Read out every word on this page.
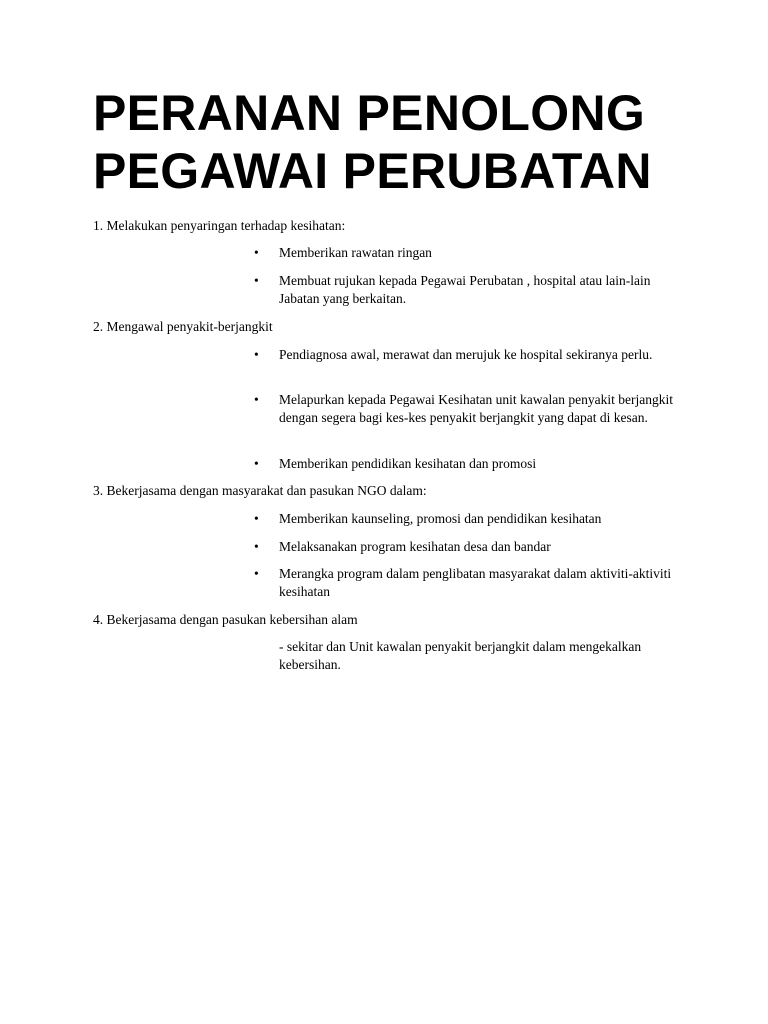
PERANAN PENOLONG
PEGAWAI PERUBATAN

1. Melakukan penyaringan terhadap kesihatan:

•	Memberikan rawatan ringan
•	Membuat rujukan kepada Pegawai Perubatan , hospital atau lain-lain Jabatan yang berkaitan.

2. Mengawal penyakit-berjangkit

•	Pendiagnosa awal, merawat dan merujuk ke hospital sekiranya perlu.
•	Melapurkan kepada Pegawai Kesihatan unit kawalan penyakit berjangkit dengan segera bagi kes-kes penyakit berjangkit yang dapat di kesan.
•	Memberikan pendidikan kesihatan dan promosi

3. Bekerjasama dengan masyarakat dan pasukan NGO dalam:

•	Memberikan kaunseling, promosi dan pendidikan kesihatan
•	Melaksanakan program kesihatan desa dan bandar
•	Merangka program dalam penglibatan masyarakat dalam aktiviti-aktiviti kesihatan

4. Bekerjasama dengan pasukan kebersihan alam

- sekitar dan Unit kawalan penyakit berjangkit dalam mengekalkan kebersihan.
